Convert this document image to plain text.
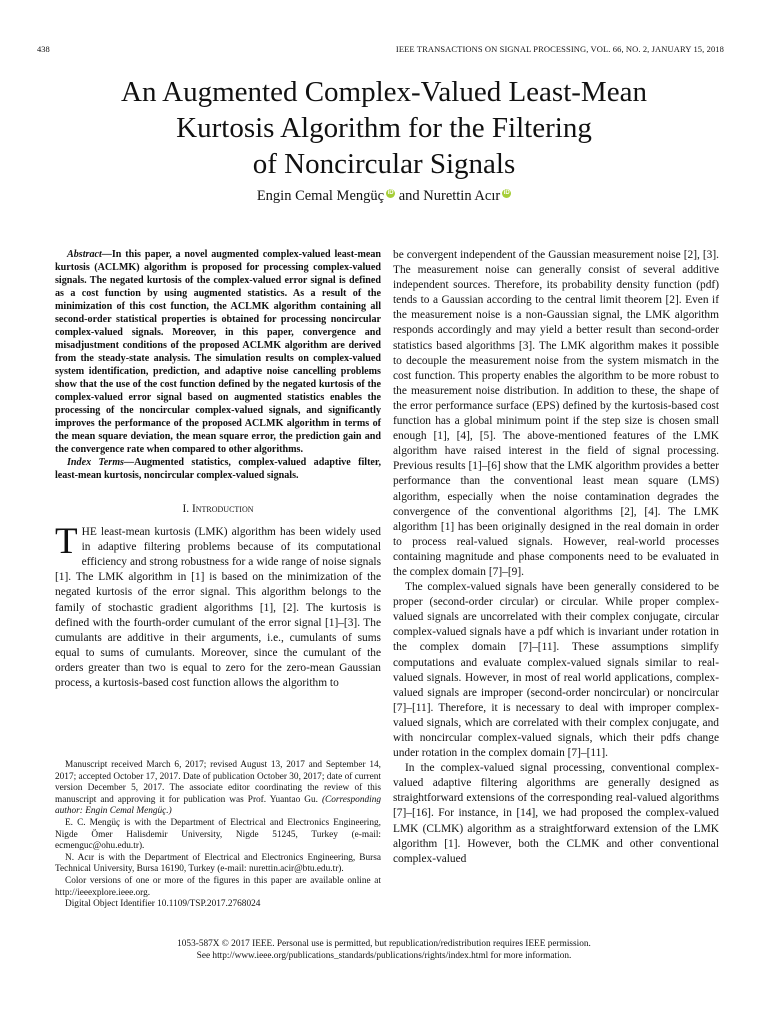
438	IEEE TRANSACTIONS ON SIGNAL PROCESSING, VOL. 66, NO. 2, JANUARY 15, 2018
An Augmented Complex-Valued Least-Mean
Kurtosis Algorithm for the Filtering
of Noncircular Signals
Engin Cemal Mengüç iD and Nurettin Acır iD

Abstract—In this paper, a novel augmented complex-valued least-mean kurtosis (ACLMK) algorithm is proposed for processing complex-valued signals. The negated kurtosis of the complex-valued error signal is defined as a cost function by using augmented statistics. As a result of the minimization of this cost function, the ACLMK algorithm containing all second-order statistical properties is obtained for processing noncircular complex-valued signals. Moreover, in this paper, convergence and misadjustment conditions of the proposed ACLMK algorithm are derived from the steady-state analysis. The simulation results on complex-valued system identification, prediction, and adaptive noise cancelling problems show that the use of the cost function defined by the negated kurtosis of the complex-valued error signal based on augmented statistics enables the processing of the noncircular complex-valued signals, and significantly improves the performance of the proposed ACLMK algorithm in terms of the mean square deviation, the mean square error, the prediction gain and the convergence rate when compared to other algorithms.

Index Terms—Augmented statistics, complex-valued adaptive filter, least-mean kurtosis, noncircular complex-valued signals.

I. Introduction

THE least-mean kurtosis (LMK) algorithm has been widely used in adaptive filtering problems because of its computational efficiency and strong robustness for a wide range of noise signals [1]. The LMK algorithm in [1] is based on the minimization of the negated kurtosis of the error signal. This algorithm belongs to the family of stochastic gradient algorithms [1], [2]. The kurtosis is defined with the fourth-order cumulant of the error signal [1]–[3]. The cumulants are additive in their arguments, i.e., cumulants of sums equal to sums of cumulants. Moreover, since the cumulant of the orders greater than two is equal to zero for the zero-mean Gaussian process, a kurtosis-based cost function allows the algorithm to

be convergent independent of the Gaussian measurement noise [2], [3]. The measurement noise can generally consist of several additive independent sources. Therefore, its probability density function (pdf) tends to a Gaussian according to the central limit theorem [2]. Even if the measurement noise is a non-Gaussian signal, the LMK algorithm responds accordingly and may yield a better result than second-order statistics based algorithms [3]. The LMK algorithm makes it possible to decouple the measurement noise from the system mismatch in the cost function. This property enables the algorithm to be more robust to the measurement noise distribution. In addition to these, the shape of the error performance surface (EPS) defined by the kurtosis-based cost function has a global minimum point if the step size is chosen small enough [1], [4], [5]. The above-mentioned features of the LMK algorithm have raised interest in the field of signal processing. Previous results [1]–[6] show that the LMK algorithm provides a better performance than the conventional least mean square (LMS) algorithm, especially when the noise contamination degrades the convergence of the conventional algorithms [2], [4]. The LMK algorithm [1] has been originally designed in the real domain in order to process real-valued signals. However, real-world processes containing magnitude and phase components need to be evaluated in the complex domain [7]–[9].

The complex-valued signals have been generally considered to be proper (second-order circular) or circular. While proper complex-valued signals are uncorrelated with their complex conjugate, circular complex-valued signals have a pdf which is invariant under rotation in the complex domain [7]–[11]. These assumptions simplify computations and evaluate complex-valued signals similar to real-valued signals. However, in most of real world applications, complex-valued signals are improper (second-order noncircular) or noncircular [7]–[11]. Therefore, it is necessary to deal with improper complex-valued signals, which are correlated with their complex conjugate, and with noncircular complex-valued signals, which their pdfs change under rotation in the complex domain [7]–[11].

In the complex-valued signal processing, conventional complex-valued adaptive filtering algorithms are generally designed as straightforward extensions of the corresponding real-valued algorithms [7]–[16]. For instance, in [14], we had proposed the complex-valued LMK (CLMK) algorithm as a straightforward extension of the LMK algorithm [1]. However, both the CLMK and other conventional complex-valued

Manuscript received March 6, 2017; revised August 13, 2017 and September 14, 2017; accepted October 17, 2017. Date of publication October 30, 2017; date of current version December 5, 2017. The associate editor coordinating the review of this manuscript and approving it for publication was Prof. Yuantao Gu. (Corresponding author: Engin Cemal Mengüç.)

E. C. Mengüç is with the Department of Electrical and Electronics Engineering, Nigde Ömer Halisdemir University, Nigde 51245, Turkey (e-mail: ecmenguc@ohu.edu.tr).

N. Acır is with the Department of Electrical and Electronics Engineering, Bursa Technical University, Bursa 16190, Turkey (e-mail: nurettin.acir@btu.edu.tr).

Color versions of one or more of the figures in this paper are available online at http://ieeexplore.ieee.org.

Digital Object Identifier 10.1109/TSP.2017.2768024

1053-587X © 2017 IEEE. Personal use is permitted, but republication/redistribution requires IEEE permission.
See http://www.ieee.org/publications_standards/publications/rights/index.html for more information.
